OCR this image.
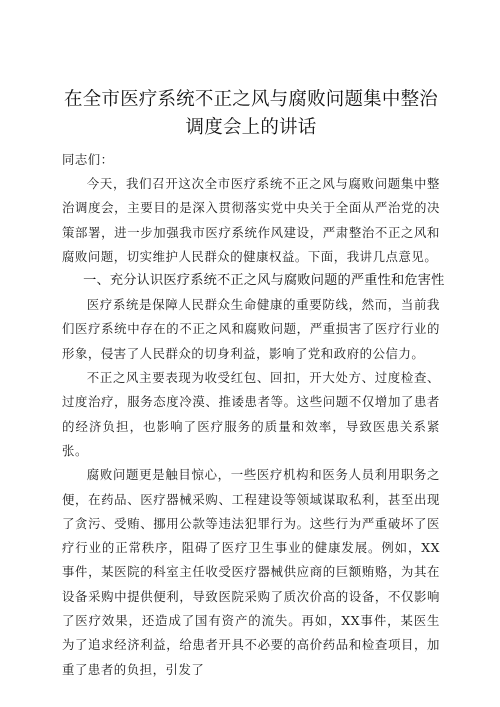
在全市医疗系统不正之风与腐败问题集中整治
调度会上的讲话

同志们：

今天，我们召开这次全市医疗系统不正之风与腐败问题集中整治调度会，主要目的是深入贯彻落实党中央关于全面从严治党的决策部署，进一步加强我市医疗系统作风建设，严肃整治不正之风和腐败问题，切实维护人民群众的健康权益。下面，我讲几点意见。

一、充分认识医疗系统不正之风与腐败问题的严重性和危害性

医疗系统是保障人民群众生命健康的重要防线，然而，当前我们医疗系统中存在的不正之风和腐败问题，严重损害了医疗行业的形象，侵害了人民群众的切身利益，影响了党和政府的公信力。

不正之风主要表现为收受红包、回扣，开大处方、过度检查、过度治疗，服务态度冷漠、推诿患者等。这些问题不仅增加了患者的经济负担，也影响了医疗服务的质量和效率，导致医患关系紧张。

腐败问题更是触目惊心，一些医疗机构和医务人员利用职务之便，在药品、医疗器械采购、工程建设等领域谋取私利，甚至出现了贪污、受贿、挪用公款等违法犯罪行为。这些行为严重破坏了医疗行业的正常秩序，阻碍了医疗卫生事业的健康发展。例如，XX事件，某医院的科室主任收受医疗器械供应商的巨额贿赂，为其在设备采购中提供便利，导致医院采购了质次价高的设备，不仅影响了医疗效果，还造成了国有资产的流失。再如，XX事件，某医生为了追求经济利益，给患者开具不必要的高价药品和检查项目，加重了患者的负担，引发了
